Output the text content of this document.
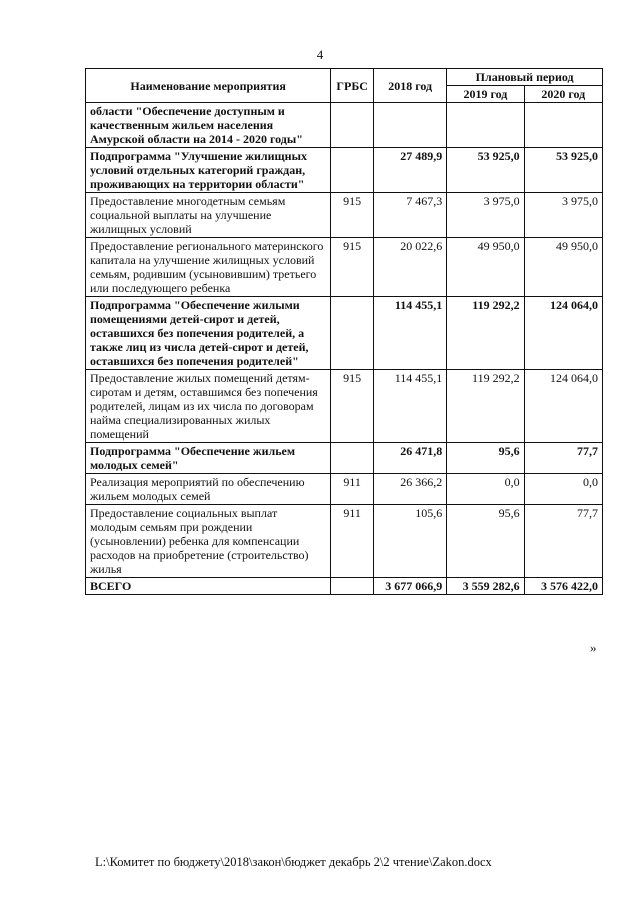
4
Наименование мероприятия	ГРБС	2018 год	Плановый период	
			2019 год	2020 год
области "Обеспечение доступным и качественным жильем населения Амурской области на 2014 - 2020 годы"				
Подпрограмма "Улучшение жилищных условий отдельных категорий граждан, проживающих на территории области"		27 489,9	53 925,0	53 925,0
Предоставление многодетным семьям социальной выплаты на улучшение жилищных условий	915	7 467,3	3 975,0	3 975,0
Предоставление регионального материнского капитала на улучшение жилищных условий семьям, родившим (усыновившим) третьего или последующего ребенка	915	20 022,6	49 950,0	49 950,0
Подпрограмма "Обеспечение жилыми помещениями детей-сирот и детей, оставшихся без попечения родителей, а также лиц из числа детей-сирот и детей, оставшихся без попечения родителей"		114 455,1	119 292,2	124 064,0
Предоставление жилых помещений детям-сиротам и детям, оставшимся без попечения родителей, лицам из их числа по договорам найма специализированных жилых помещений	915	114 455,1	119 292,2	124 064,0
Подпрограмма "Обеспечение жильем молодых семей"		26 471,8	95,6	77,7
Реализация мероприятий по обеспечению жильем молодых семей	911	26 366,2	0,0	0,0
Предоставление социальных выплат молодым семьям при рождении (усыновлении) ребенка для компенсации расходов на приобретение (строительство) жилья	911	105,6	95,6	77,7
ВСЕГО		3 677 066,9	3 559 282,6	3 576 422,0
»
L:\Комитет по бюджету\2018\закон\бюджет декабрь 2\2 чтение\Zakon.docx
